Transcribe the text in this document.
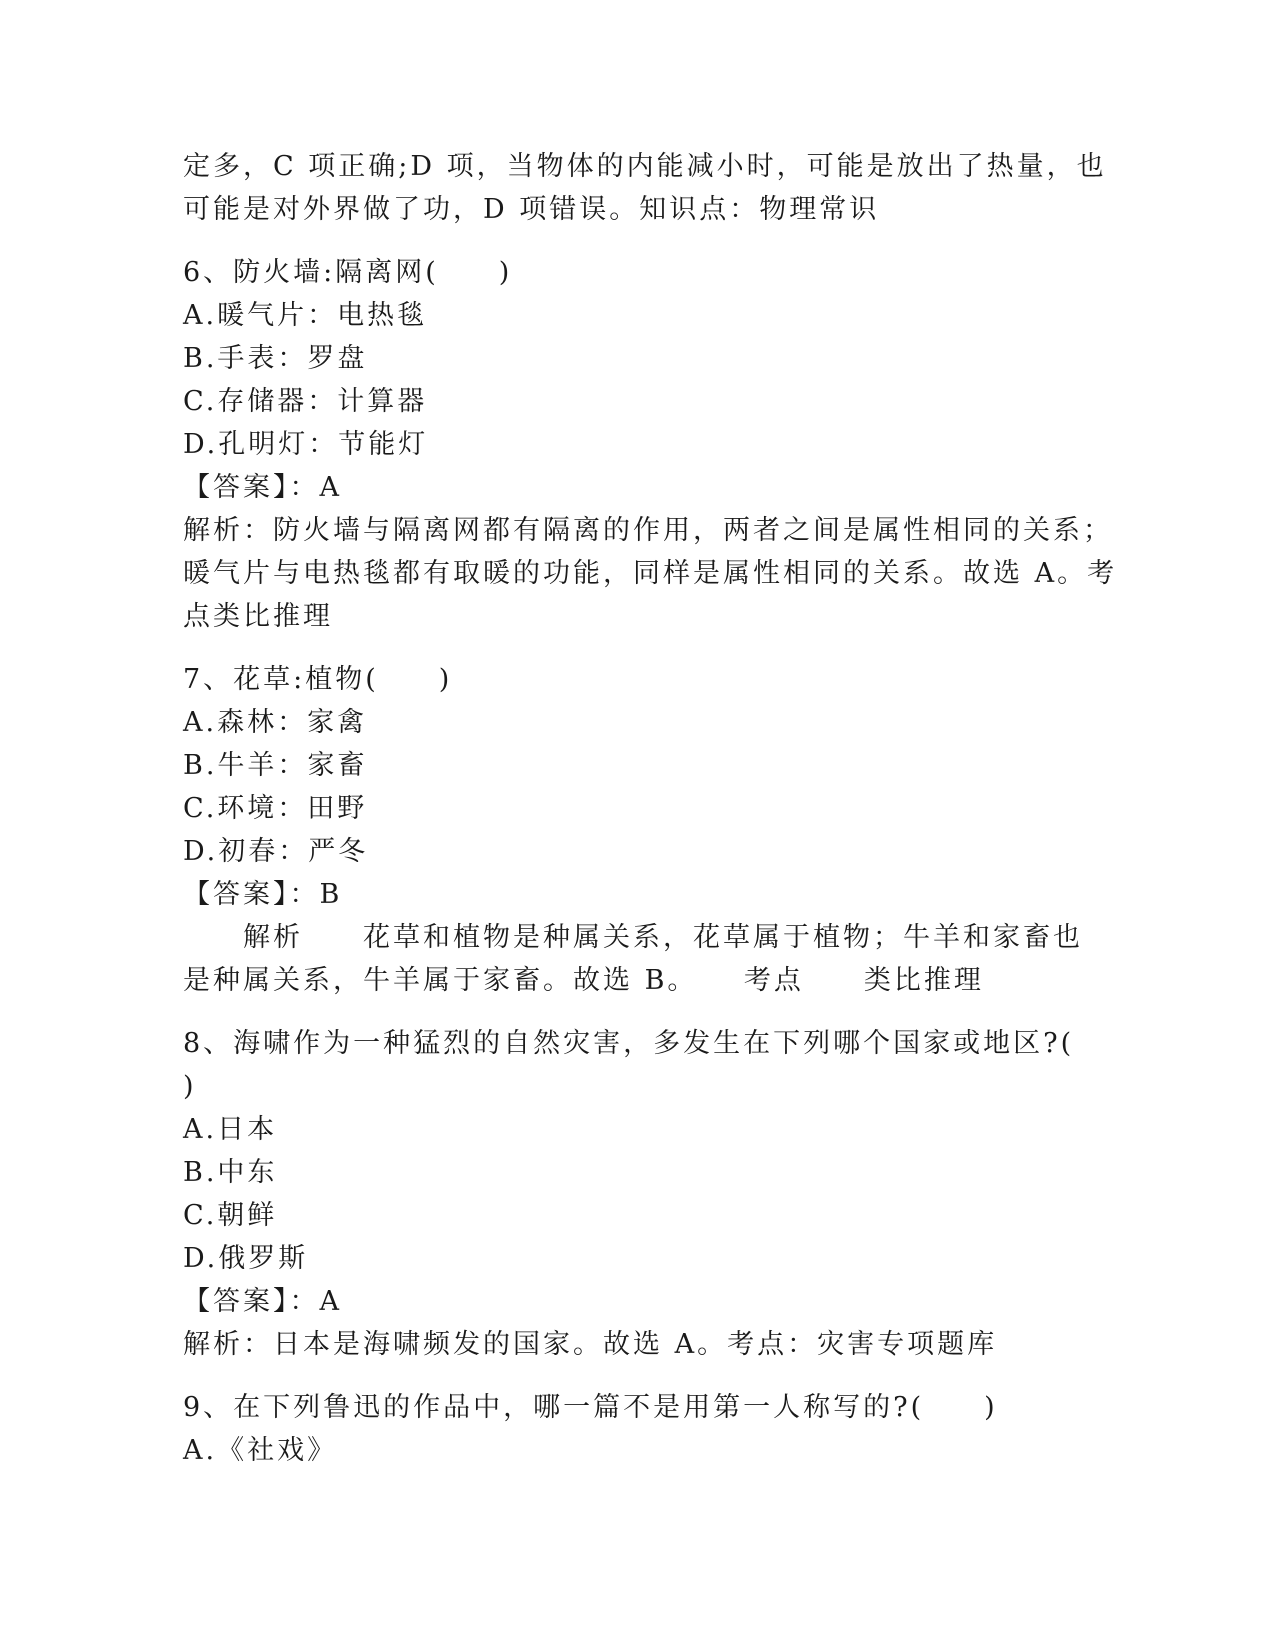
定多，C 项正确;D 项，当物体的内能减小时，可能是放出了热量，也
可能是对外界做了功，D 项错误。知识点：物理常识
6、防火墙:隔离网(　　)
A.暖气片：电热毯
B.手表：罗盘
C.存储器：计算器
D.孔明灯：节能灯
【答案】：A
解析：防火墙与隔离网都有隔离的作用，两者之间是属性相同的关系；
暖气片与电热毯都有取暖的功能，同样是属性相同的关系。故选 A。考
点类比推理
7、花草:植物(　　)
A.森林：家禽
B.牛羊：家畜
C.环境：田野
D.初春：严冬
【答案】：B
　　解析　　花草和植物是种属关系，花草属于植物；牛羊和家畜也
是种属关系，牛羊属于家畜。故选 B。　　考点　　类比推理
8、海啸作为一种猛烈的自然灾害，多发生在下列哪个国家或地区?(
)
A.日本
B.中东
C.朝鲜
D.俄罗斯
【答案】：A
解析：日本是海啸频发的国家。故选 A。考点：灾害专项题库
9、在下列鲁迅的作品中，哪一篇不是用第一人称写的?(　　)
A.《社戏》
